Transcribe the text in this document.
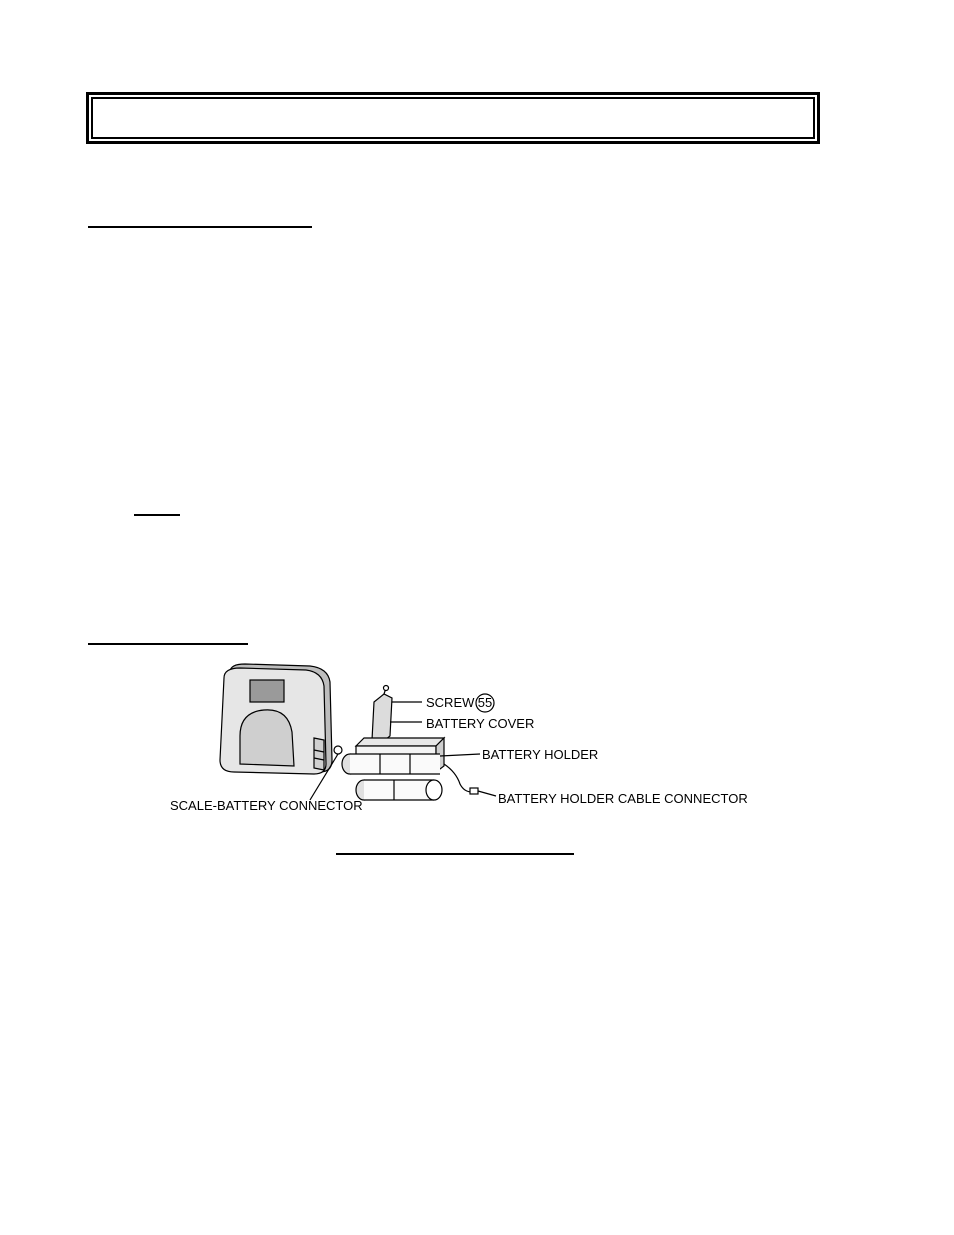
SCREW 55
BATTERY COVER
BATTERY HOLDER
BATTERY HOLDER CABLE CONNECTOR
SCALE-BATTERY CONNECTOR
